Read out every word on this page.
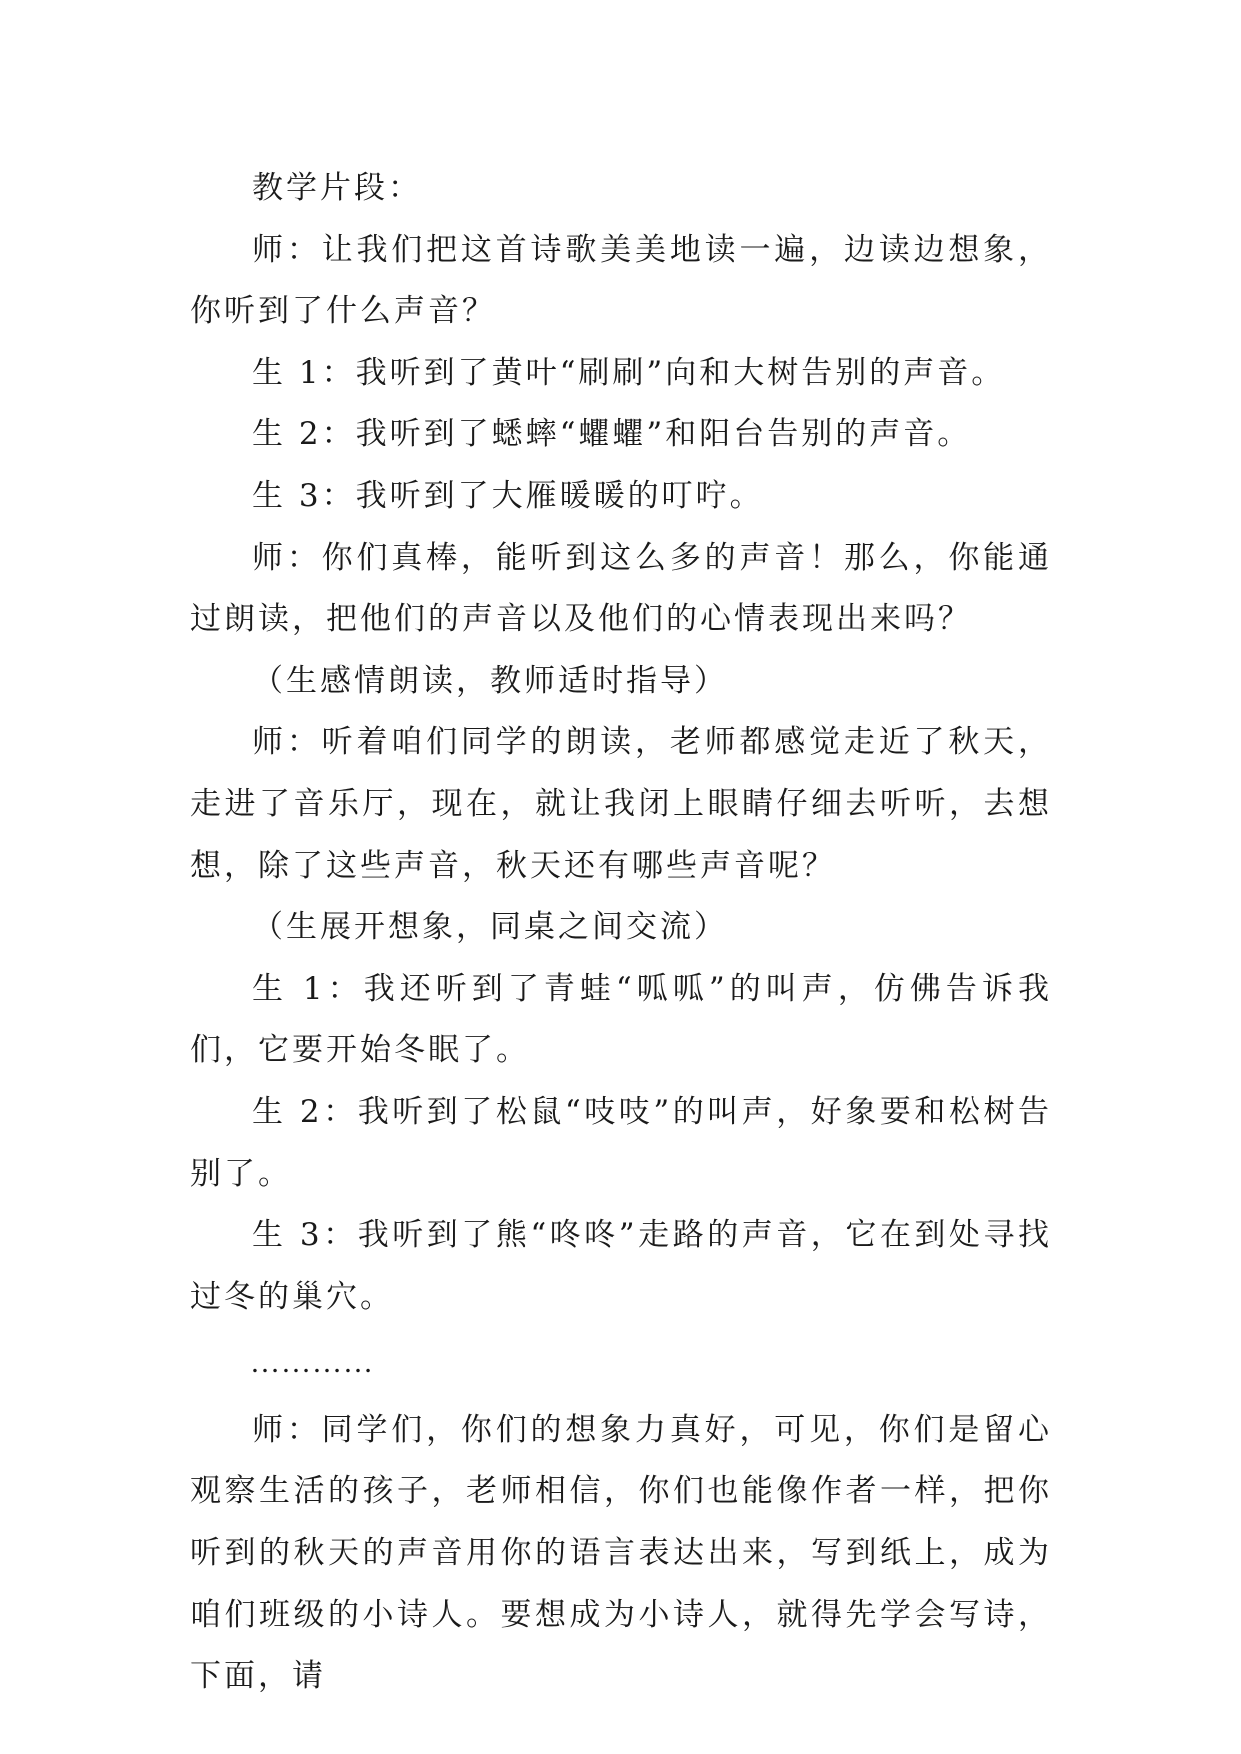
教学片段：

师：让我们把这首诗歌美美地读一遍，边读边想象，你听到了什么声音？

生 1：我听到了黄叶“刷刷”向和大树告别的声音。

生 2：我听到了蟋蟀“蠷蠷”和阳台告别的声音。

生 3：我听到了大雁暖暖的叮咛。

师：你们真棒，能听到这么多的声音！那么，你能通过朗读，把他们的声音以及他们的心情表现出来吗？

（生感情朗读，教师适时指导）

师：听着咱们同学的朗读，老师都感觉走近了秋天，走进了音乐厅，现在，就让我闭上眼睛仔细去听听，去想想，除了这些声音，秋天还有哪些声音呢？

（生展开想象，同桌之间交流）

生 1：我还听到了青蛙“呱呱”的叫声，仿佛告诉我们，它要开始冬眠了。

生 2：我听到了松鼠“吱吱”的叫声，好象要和松树告别了。

生 3：我听到了熊“咚咚”走路的声音，它在到处寻找过冬的巢穴。

…………

师：同学们，你们的想象力真好，可见，你们是留心观察生活的孩子，老师相信，你们也能像作者一样，把你听到的秋天的声音用你的语言表达出来，写到纸上，成为咱们班级的小诗人。要想成为小诗人，就得先学会写诗，下面，请
